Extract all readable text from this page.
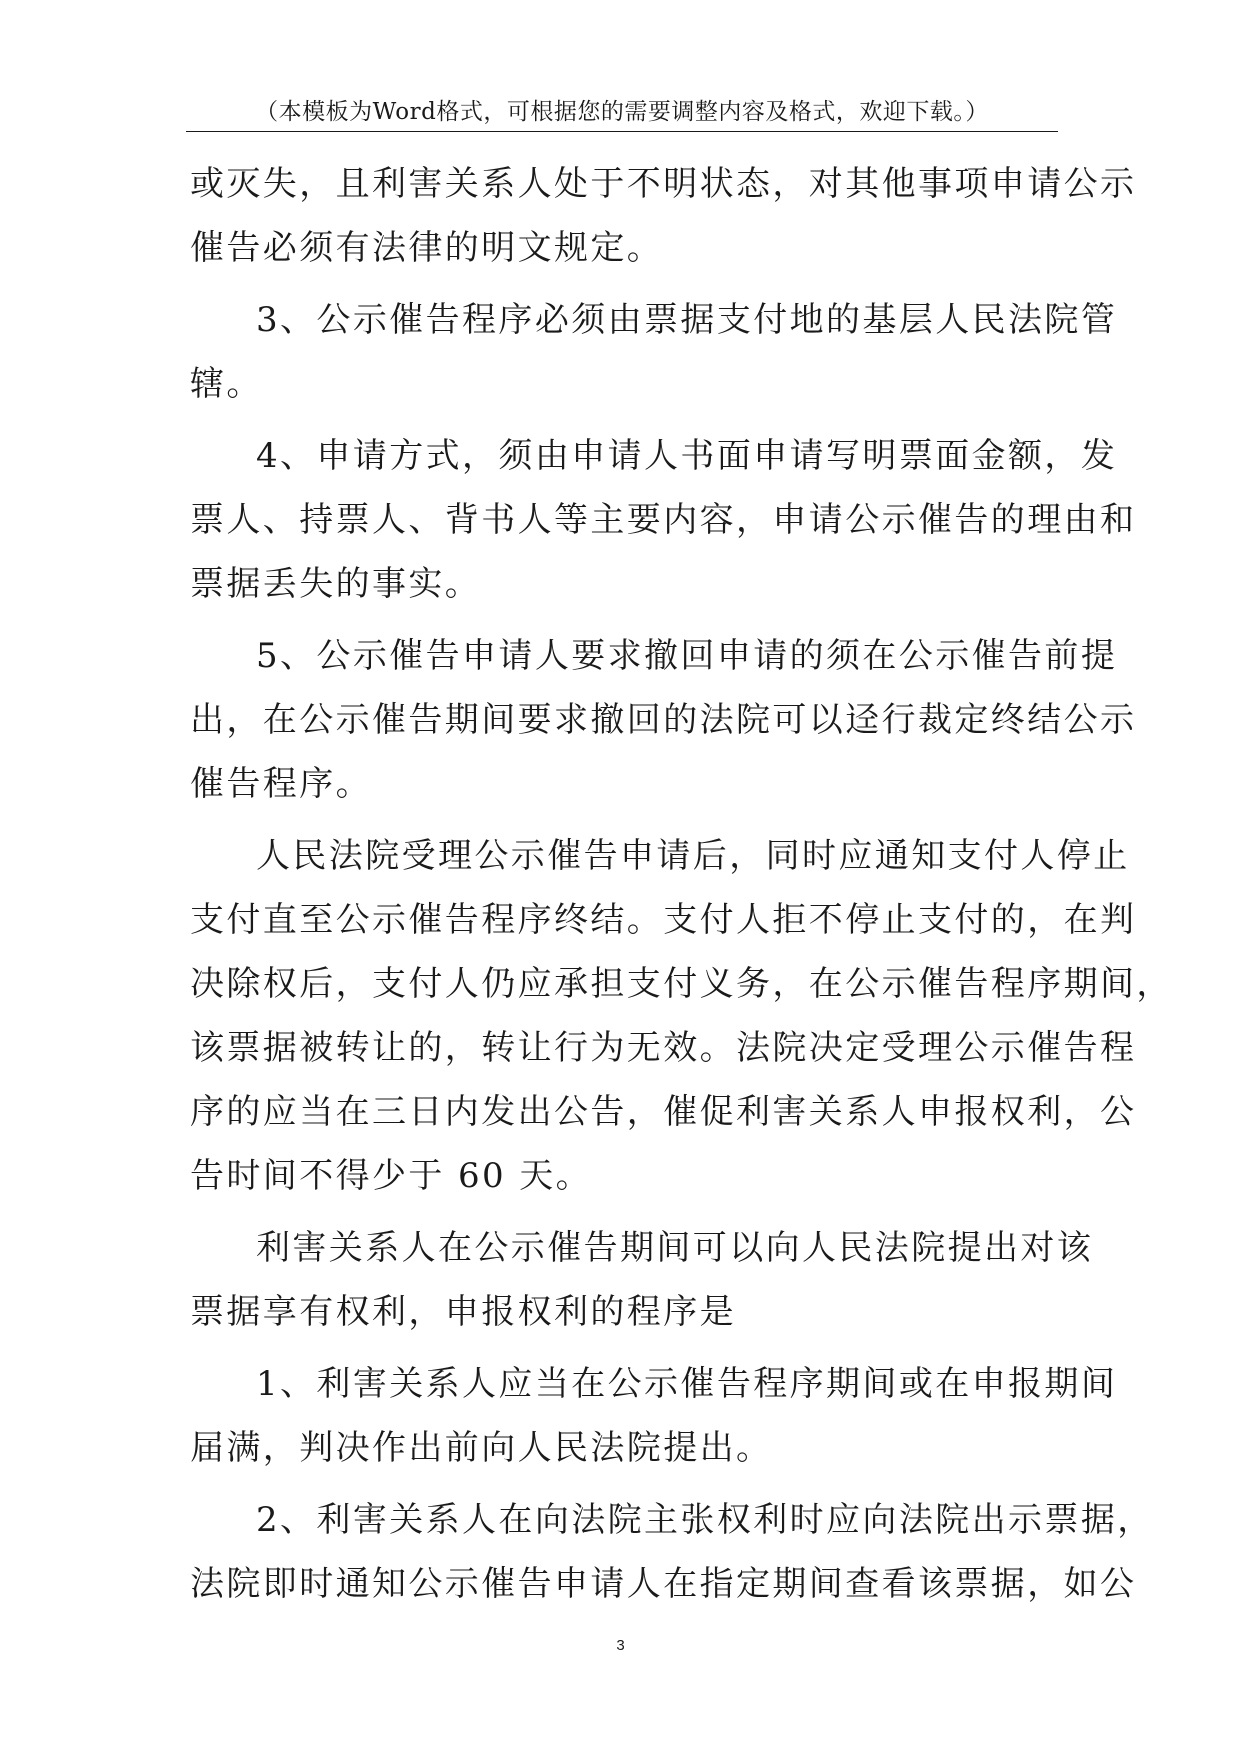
（本模板为Word格式，可根据您的需要调整内容及格式，欢迎下载。）
或灭失，且利害关系人处于不明状态，对其他事项申请公示
催告必须有法律的明文规定。
3、公示催告程序必须由票据支付地的基层人民法院管
辖。
4、申请方式，须由申请人书面申请写明票面金额，发
票人、持票人、背书人等主要内容，申请公示催告的理由和
票据丢失的事实。
5、公示催告申请人要求撤回申请的须在公示催告前提
出，在公示催告期间要求撤回的法院可以迳行裁定终结公示
催告程序。
人民法院受理公示催告申请后，同时应通知支付人停止
支付直至公示催告程序终结。支付人拒不停止支付的，在判
决除权后，支付人仍应承担支付义务，在公示催告程序期间，
该票据被转让的，转让行为无效。法院决定受理公示催告程
序的应当在三日内发出公告，催促利害关系人申报权利，公
告时间不得少于 60 天。
利害关系人在公示催告期间可以向人民法院提出对该
票据享有权利，申报权利的程序是
1、利害关系人应当在公示催告程序期间或在申报期间
届满，判决作出前向人民法院提出。
2、利害关系人在向法院主张权利时应向法院出示票据，
法院即时通知公示催告申请人在指定期间查看该票据，如公
3
